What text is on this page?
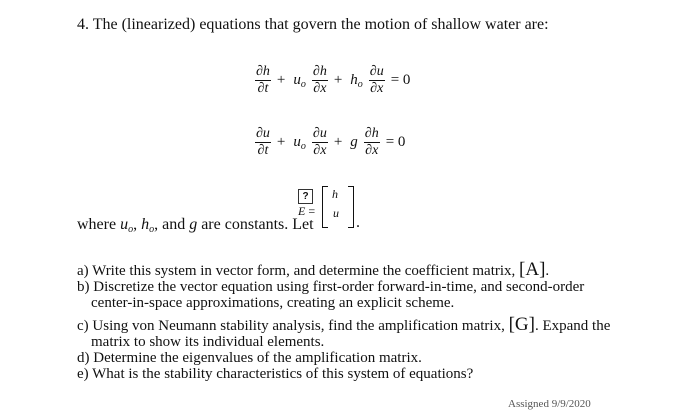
4. The (linearized) equations that govern the motion of shallow water are:
$\frac{\partial h}{\partial t} + u_o \frac{\partial h}{\partial x} + h_o \frac{\partial u}{\partial x} = 0$
$\frac{\partial u}{\partial t} + u_o \frac{\partial u}{\partial x} + g \frac{\partial h}{\partial x} = 0$
where $u_o$, $h_o$, and g are constants. Let
?
E =
h
u
.
a) Write this system in vector form, and determine the coefficient matrix, [A].
b) Discretize the vector equation using first-order forward-in-time, and second-order
center-in-space approximations, creating an explicit scheme.
c) Using von Neumann stability analysis, find the amplification matrix, [G]. Expand the
matrix to show its individual elements.
d) Determine the eigenvalues of the amplification matrix.
e) What is the stability characteristics of this system of equations?
Assigned 9/9/2020
